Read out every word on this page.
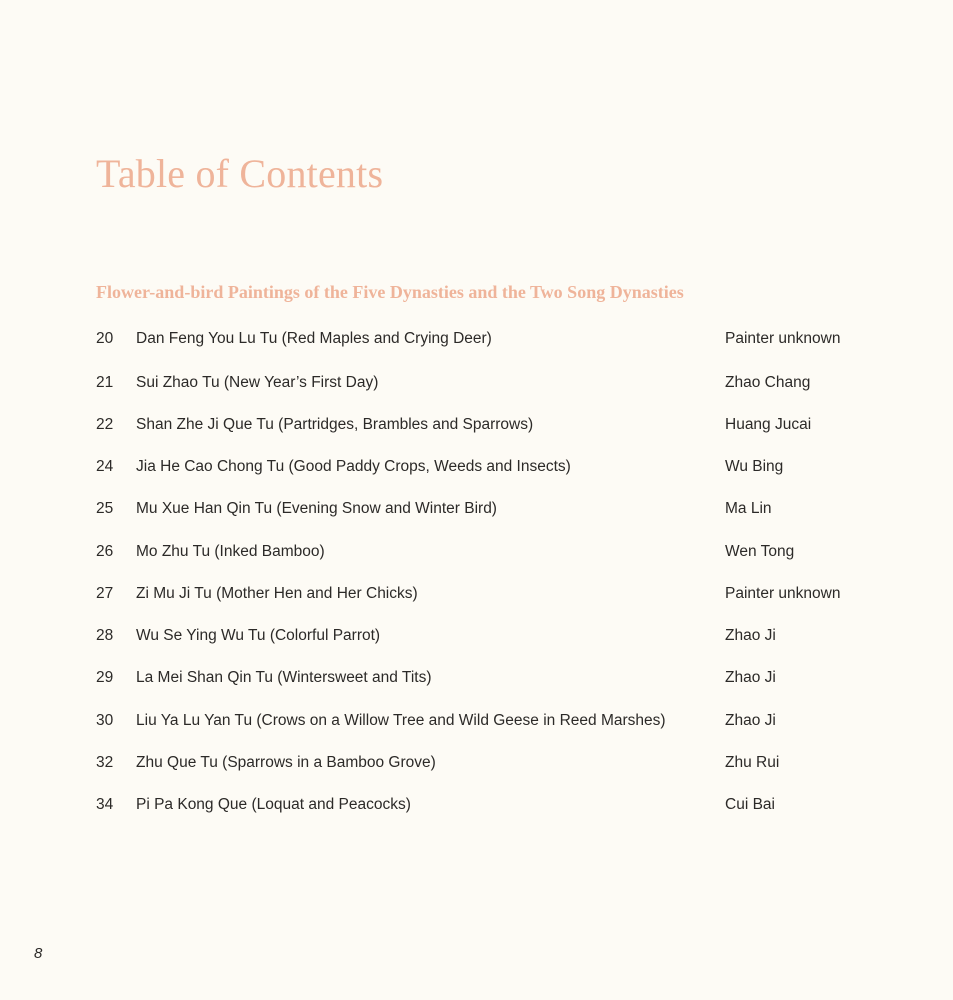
Table of Contents
Flower-and-bird Paintings of the Five Dynasties and the Two Song Dynasties
20 Dan Feng You Lu Tu (Red Maples and Crying Deer)	Painter unknown
21 Sui Zhao Tu (New Year’s First Day)	Zhao Chang
22 Shan Zhe Ji Que Tu (Partridges, Brambles and Sparrows)	Huang Jucai
24 Jia He Cao Chong Tu (Good Paddy Crops, Weeds and Insects)	Wu Bing
25 Mu Xue Han Qin Tu (Evening Snow and Winter Bird)	Ma Lin
26 Mo Zhu Tu (Inked Bamboo)	Wen Tong
27 Zi Mu Ji Tu (Mother Hen and Her Chicks)	Painter unknown
28 Wu Se Ying Wu Tu (Colorful Parrot)	Zhao Ji
29 La Mei Shan Qin Tu (Wintersweet and Tits)	Zhao Ji
30 Liu Ya Lu Yan Tu (Crows on a Willow Tree and Wild Geese in Reed Marshes)	Zhao Ji
32 Zhu Que Tu (Sparrows in a Bamboo Grove)	Zhu Rui
34 Pi Pa Kong Que (Loquat and Peacocks)	Cui Bai
8
